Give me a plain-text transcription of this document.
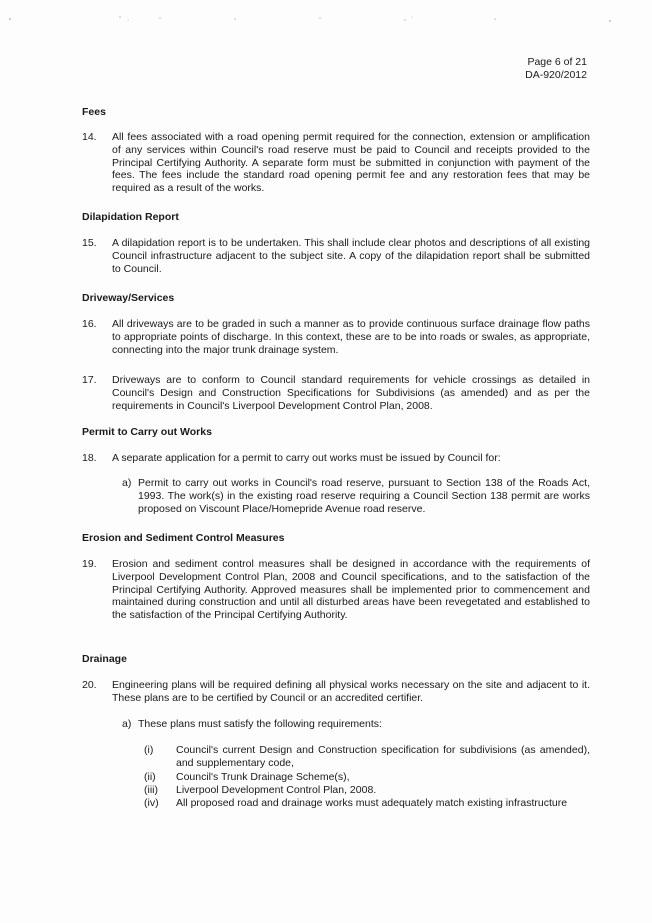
Page 6 of 21
DA-920/2012
Fees
14.	All fees associated with a road opening permit required for the connection, extension or amplification of any services within Council's road reserve must be paid to Council and receipts provided to the Principal Certifying Authority. A separate form must be submitted in conjunction with payment of the fees. The fees include the standard road opening permit fee and any restoration fees that may be required as a result of the works.
Dilapidation Report
15.	A dilapidation report is to be undertaken. This shall include clear photos and descriptions of all existing Council infrastructure adjacent to the subject site. A copy of the dilapidation report shall be submitted to Council.
Driveway/Services
16.	All driveways are to be graded in such a manner as to provide continuous surface drainage flow paths to appropriate points of discharge. In this context, these are to be into roads or swales, as appropriate, connecting into the major trunk drainage system.
17.	Driveways are to conform to Council standard requirements for vehicle crossings as detailed in Council's Design and Construction Specifications for Subdivisions (as amended) and as per the requirements in Council's Liverpool Development Control Plan, 2008.
Permit to Carry out Works
18.	A separate application for a permit to carry out works must be issued by Council for:
a) Permit to carry out works in Council's road reserve, pursuant to Section 138 of the Roads Act, 1993. The work(s) in the existing road reserve requiring a Council Section 138 permit are works proposed on Viscount Place/Homepride Avenue road reserve.
Erosion and Sediment Control Measures
19.	Erosion and sediment control measures shall be designed in accordance with the requirements of Liverpool Development Control Plan, 2008 and Council specifications, and to the satisfaction of the Principal Certifying Authority. Approved measures shall be implemented prior to commencement and maintained during construction and until all disturbed areas have been revegetated and established to the satisfaction of the Principal Certifying Authority.
Drainage
20.	Engineering plans will be required defining all physical works necessary on the site and adjacent to it. These plans are to be certified by Council or an accredited certifier.
a) These plans must satisfy the following requirements:
(i)	Council's current Design and Construction specification for subdivisions (as amended), and supplementary code,
(ii)	Council's Trunk Drainage Scheme(s),
(iii)	Liverpool Development Control Plan, 2008.
(iv)	All proposed road and drainage works must adequately match existing infrastructure
